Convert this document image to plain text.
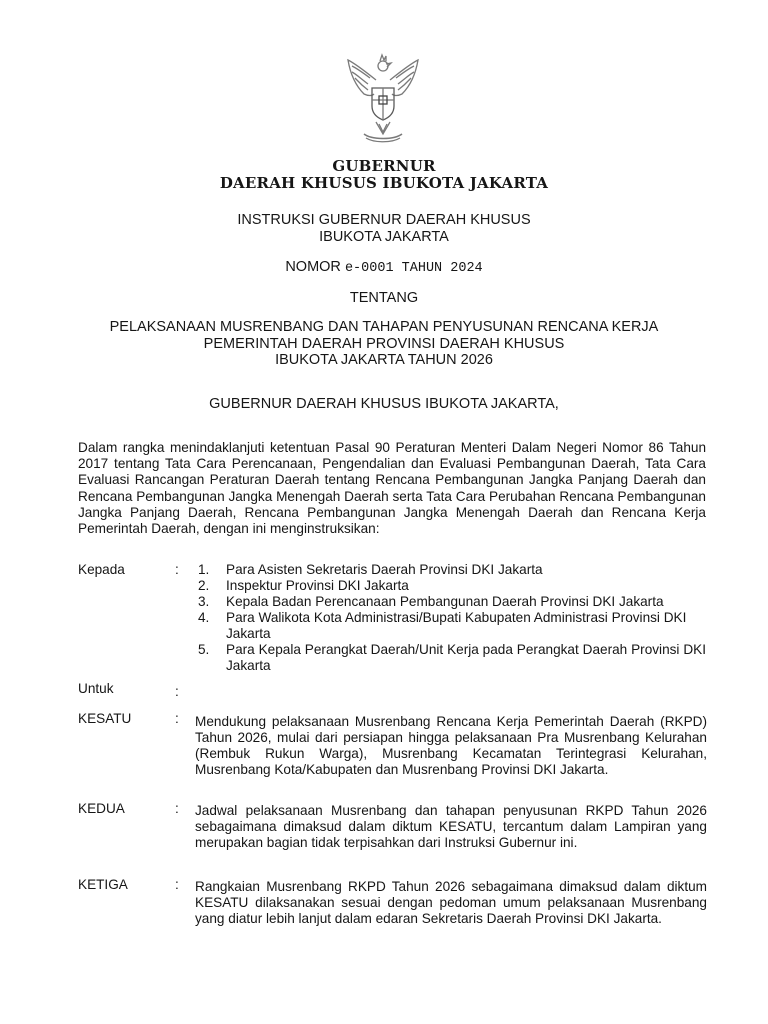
GUBERNUR
DAERAH KHUSUS IBUKOTA JAKARTA
INSTRUKSI GUBERNUR DAERAH KHUSUS
IBUKOTA JAKARTA
NOMOR e-0001 TAHUN 2024
TENTANG
PELAKSANAAN MUSRENBANG DAN TAHAPAN PENYUSUNAN RENCANA KERJA
PEMERINTAH DAERAH PROVINSI DAERAH KHUSUS
IBUKOTA JAKARTA TAHUN 2026
GUBERNUR DAERAH KHUSUS IBUKOTA JAKARTA,
Dalam rangka menindaklanjuti ketentuan Pasal 90 Peraturan Menteri Dalam Negeri Nomor 86 Tahun 2017 tentang Tata Cara Perencanaan, Pengendalian dan Evaluasi Pembangunan Daerah, Tata Cara Evaluasi Rancangan Peraturan Daerah tentang Rencana Pembangunan Jangka Panjang Daerah dan Rencana Pembangunan Jangka Menengah Daerah serta Tata Cara Perubahan Rencana Pembangunan Jangka Panjang Daerah, Rencana Pembangunan Jangka Menengah Daerah dan Rencana Kerja Pemerintah Daerah, dengan ini menginstruksikan:
Kepada	: 1. Para Asisten Sekretaris Daerah Provinsi DKI Jakarta
2. Inspektur Provinsi DKI Jakarta
3. Kepala Badan Perencanaan Pembangunan Daerah Provinsi DKI Jakarta
4. Para Walikota Kota Administrasi/Bupati Kabupaten Administrasi Provinsi DKI Jakarta
5. Para Kepala Perangkat Daerah/Unit Kerja pada Perangkat Daerah Provinsi DKI Jakarta
Untuk	:
KESATU	: Mendukung pelaksanaan Musrenbang Rencana Kerja Pemerintah Daerah (RKPD) Tahun 2026, mulai dari persiapan hingga pelaksanaan Pra Musrenbang Kelurahan (Rembuk Rukun Warga), Musrenbang Kecamatan Terintegrasi Kelurahan, Musrenbang Kota/Kabupaten dan Musrenbang Provinsi DKI Jakarta.
KEDUA	: Jadwal pelaksanaan Musrenbang dan tahapan penyusunan RKPD Tahun 2026 sebagaimana dimaksud dalam diktum KESATU, tercantum dalam Lampiran yang merupakan bagian tidak terpisahkan dari Instruksi Gubernur ini.
KETIGA	: Rangkaian Musrenbang RKPD Tahun 2026 sebagaimana dimaksud dalam diktum KESATU dilaksanakan sesuai dengan pedoman umum pelaksanaan Musrenbang yang diatur lebih lanjut dalam edaran Sekretaris Daerah Provinsi DKI Jakarta.
